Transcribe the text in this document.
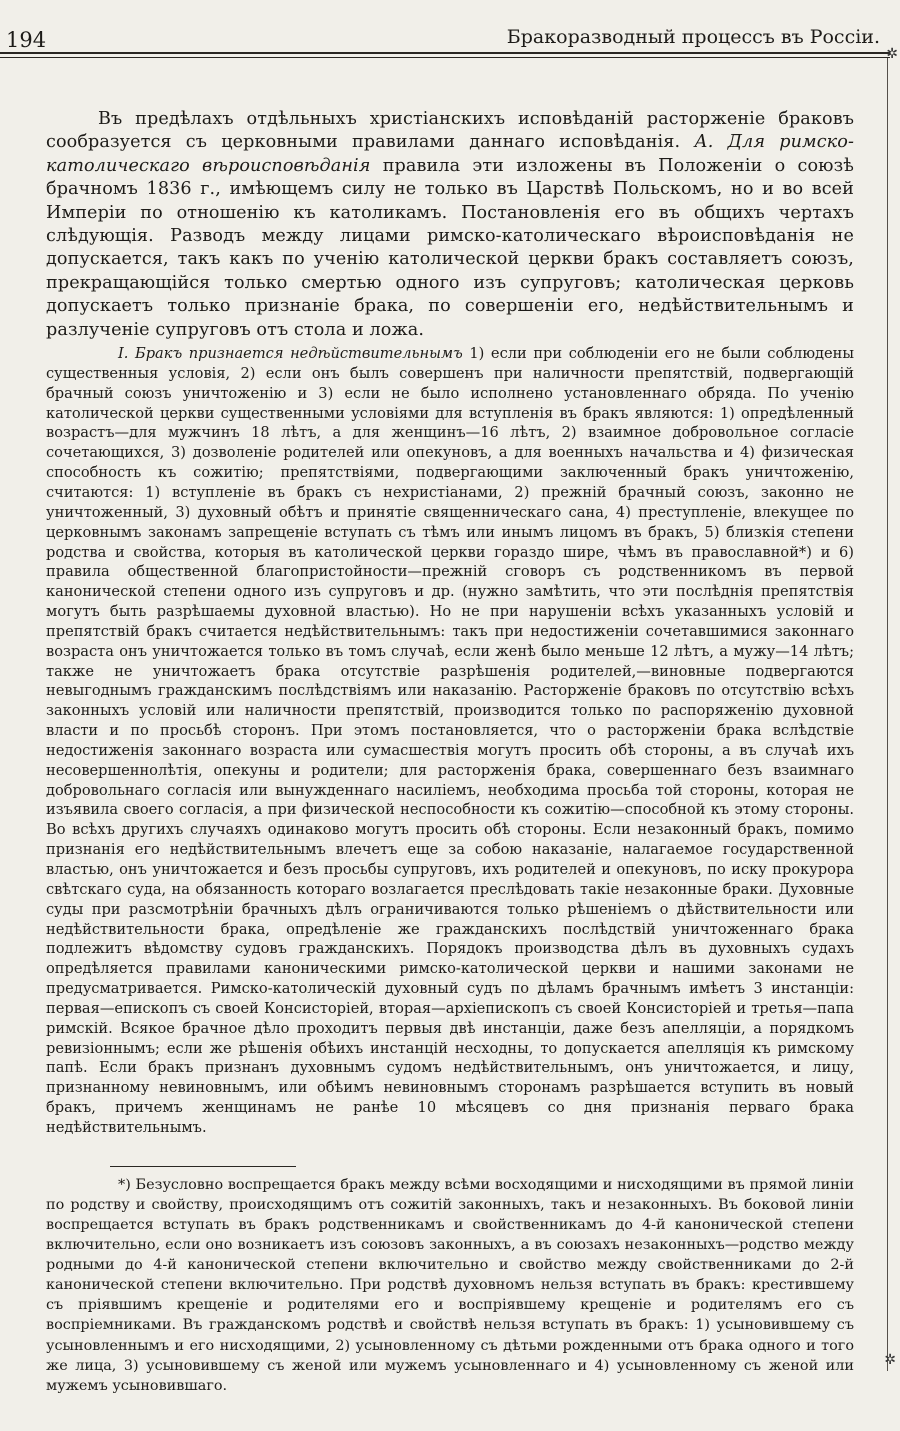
194	Бракоразводный процессъ въ Россіи.
✲
✲

Въ предѣлахъ отдѣльныхъ христіанскихъ исповѣданій расторженіе браковъ сообразуется съ церковными правилами даннаго исповѣданія. А. Для римско-католическаго вѣроисповѣданія правила эти изложены въ Положеніи о союзѣ брачномъ 1836 г., имѣющемъ силу не только въ Царствѣ Польскомъ, но и во всей Имперіи по отношенію къ католикамъ. Постановленія его въ общихъ чертахъ слѣдующія. Разводъ между лицами римско-католическаго вѣроисповѣданія не допускается, такъ какъ по ученію католической церкви бракъ составляетъ союзъ, прекращающійся только смертью одного изъ супруговъ; католическая церковь допускаетъ только признаніе брака, по совершеніи его, недѣйствительнымъ и разлученіе супруговъ отъ стола и ложа.

I. Бракъ признается недѣйствительнымъ 1) если при соблюденіи его не были соблюдены существенныя условія, 2) если онъ былъ совершенъ при наличности препятствій, подвергающій брачный союзъ уничтоженію и 3) если не было исполнено установленнаго обряда. По ученію католической церкви существенными условіями для вступленія въ бракъ являются: 1) опредѣленный возрастъ—для мужчинъ 18 лѣтъ, а для женщинъ—16 лѣтъ, 2) взаимное добровольное согласіе сочетающихся, 3) дозволеніе родителей или опекуновъ, а для военныхъ начальства и 4) физическая способность къ сожитію; препятствіями, подвергающими заключенный бракъ уничтоженію, считаются: 1) вступленіе въ бракъ съ нехристіанами, 2) прежній брачный союзъ, законно не уничтоженный, 3) духовный обѣтъ и принятіе священническаго сана, 4) преступленіе, влекущее по церковнымъ законамъ запрещеніе вступать съ тѣмъ или инымъ лицомъ въ бракъ, 5) близкія степени родства и свойства, которыя въ католической церкви гораздо шире, чѣмъ въ православной*) и 6) правила общественной благопристойности—прежній сговоръ съ родственникомъ въ первой канонической степени одного изъ супруговъ и др. (нужно замѣтить, что эти послѣднія препятствія могутъ быть разрѣшаемы духовной властью). Но не при нарушеніи всѣхъ указанныхъ условій и препятствій бракъ считается недѣйствительнымъ: такъ при недостиженіи сочетавшимися законнаго возраста онъ уничтожается только въ томъ случаѣ, если женѣ было меньше 12 лѣтъ, а мужу—14 лѣтъ; также не уничтожаетъ брака отсутствіе разрѣшенія родителей,—виновные подвергаются невыгоднымъ гражданскимъ послѣдствіямъ или наказанію. Расторженіе браковъ по отсутствію всѣхъ законныхъ условій или наличности препятствій, производится только по распоряженію духовной власти и по просьбѣ сторонъ. При этомъ постановляется, что о расторженіи брака вслѣдствіе недостиженія законнаго возраста или сумасшествія могутъ просить обѣ стороны, а въ случаѣ ихъ несовершеннолѣтія, опекуны и родители; для расторженія брака, совершеннаго безъ взаимнаго добровольнаго согласія или вынужденнаго насиліемъ, необходима просьба той стороны, которая не изъявила своего согласія, а при физической неспособности къ сожитію—способной къ этому стороны. Во всѣхъ другихъ случаяхъ одинаково могутъ просить обѣ стороны. Если незаконный бракъ, помимо признанія его недѣйствительнымъ влечетъ еще за собою наказаніе, налагаемое государственной властью, онъ уничтожается и безъ просьбы супруговъ, ихъ родителей и опекуновъ, по иску прокурора свѣтскаго суда, на обязанность котораго возлагается преслѣдовать такіе незаконные браки. Духовные суды при разсмотрѣніи брачныхъ дѣлъ ограничиваются только рѣшеніемъ о дѣйствительности или недѣйствительности брака, опредѣленіе же гражданскихъ послѣдствій уничтоженнаго брака подлежитъ вѣдомству судовъ гражданскихъ. Порядокъ производства дѣлъ въ духовныхъ судахъ опредѣляется правилами каноническими римско-католической церкви и нашими законами не предусматривается. Римско-католическій духовный судъ по дѣламъ брачнымъ имѣетъ 3 инстанціи: первая—епископъ съ своей Консисторіей, вторая—архіепископъ съ своей Консисторіей и третья—папа римскій. Всякое брачное дѣло проходитъ первыя двѣ инстанціи, даже безъ апелляціи, а порядкомъ ревизіоннымъ; если же рѣшенія обѣихъ инстанцій несходны, то допускается апелляція къ римскому папѣ. Если бракъ признанъ духовнымъ судомъ недѣйствительнымъ, онъ уничтожается, и лицу, признанному невиновнымъ, или обѣимъ невиновнымъ сторонамъ разрѣшается вступить въ новый бракъ, причемъ женщинамъ не ранѣе 10 мѣсяцевъ со дня признанія перваго брака недѣйствительнымъ.

*) Безусловно воспрещается бракъ между всѣми восходящими и нисходящими въ прямой линіи по родству и свойству, происходящимъ отъ сожитій законныхъ, такъ и незаконныхъ. Въ боковой линіи воспрещается вступать въ бракъ родственникамъ и свойственникамъ до 4-й канонической степени включительно, если оно возникаетъ изъ союзовъ законныхъ, а въ союзахъ незаконныхъ—родство между родными до 4-й канонической степени включительно и свойство между свойственниками до 2-й канонической степени включительно. При родствѣ духовномъ нельзя вступать въ бракъ: крестившему съ пріявшимъ крещеніе и родителями его и воспріявшему крещеніе и родителямъ его съ воспріемниками. Въ гражданскомъ родствѣ и свойствѣ нельзя вступать въ бракъ: 1) усыновившему съ усыновленнымъ и его нисходящими, 2) усыновленному съ дѣтьми рожденными отъ брака одного и того же лица, 3) усыновившему съ женой или мужемъ усыновленнаго и 4) усыновленному съ женой или мужемъ усыновившаго.
